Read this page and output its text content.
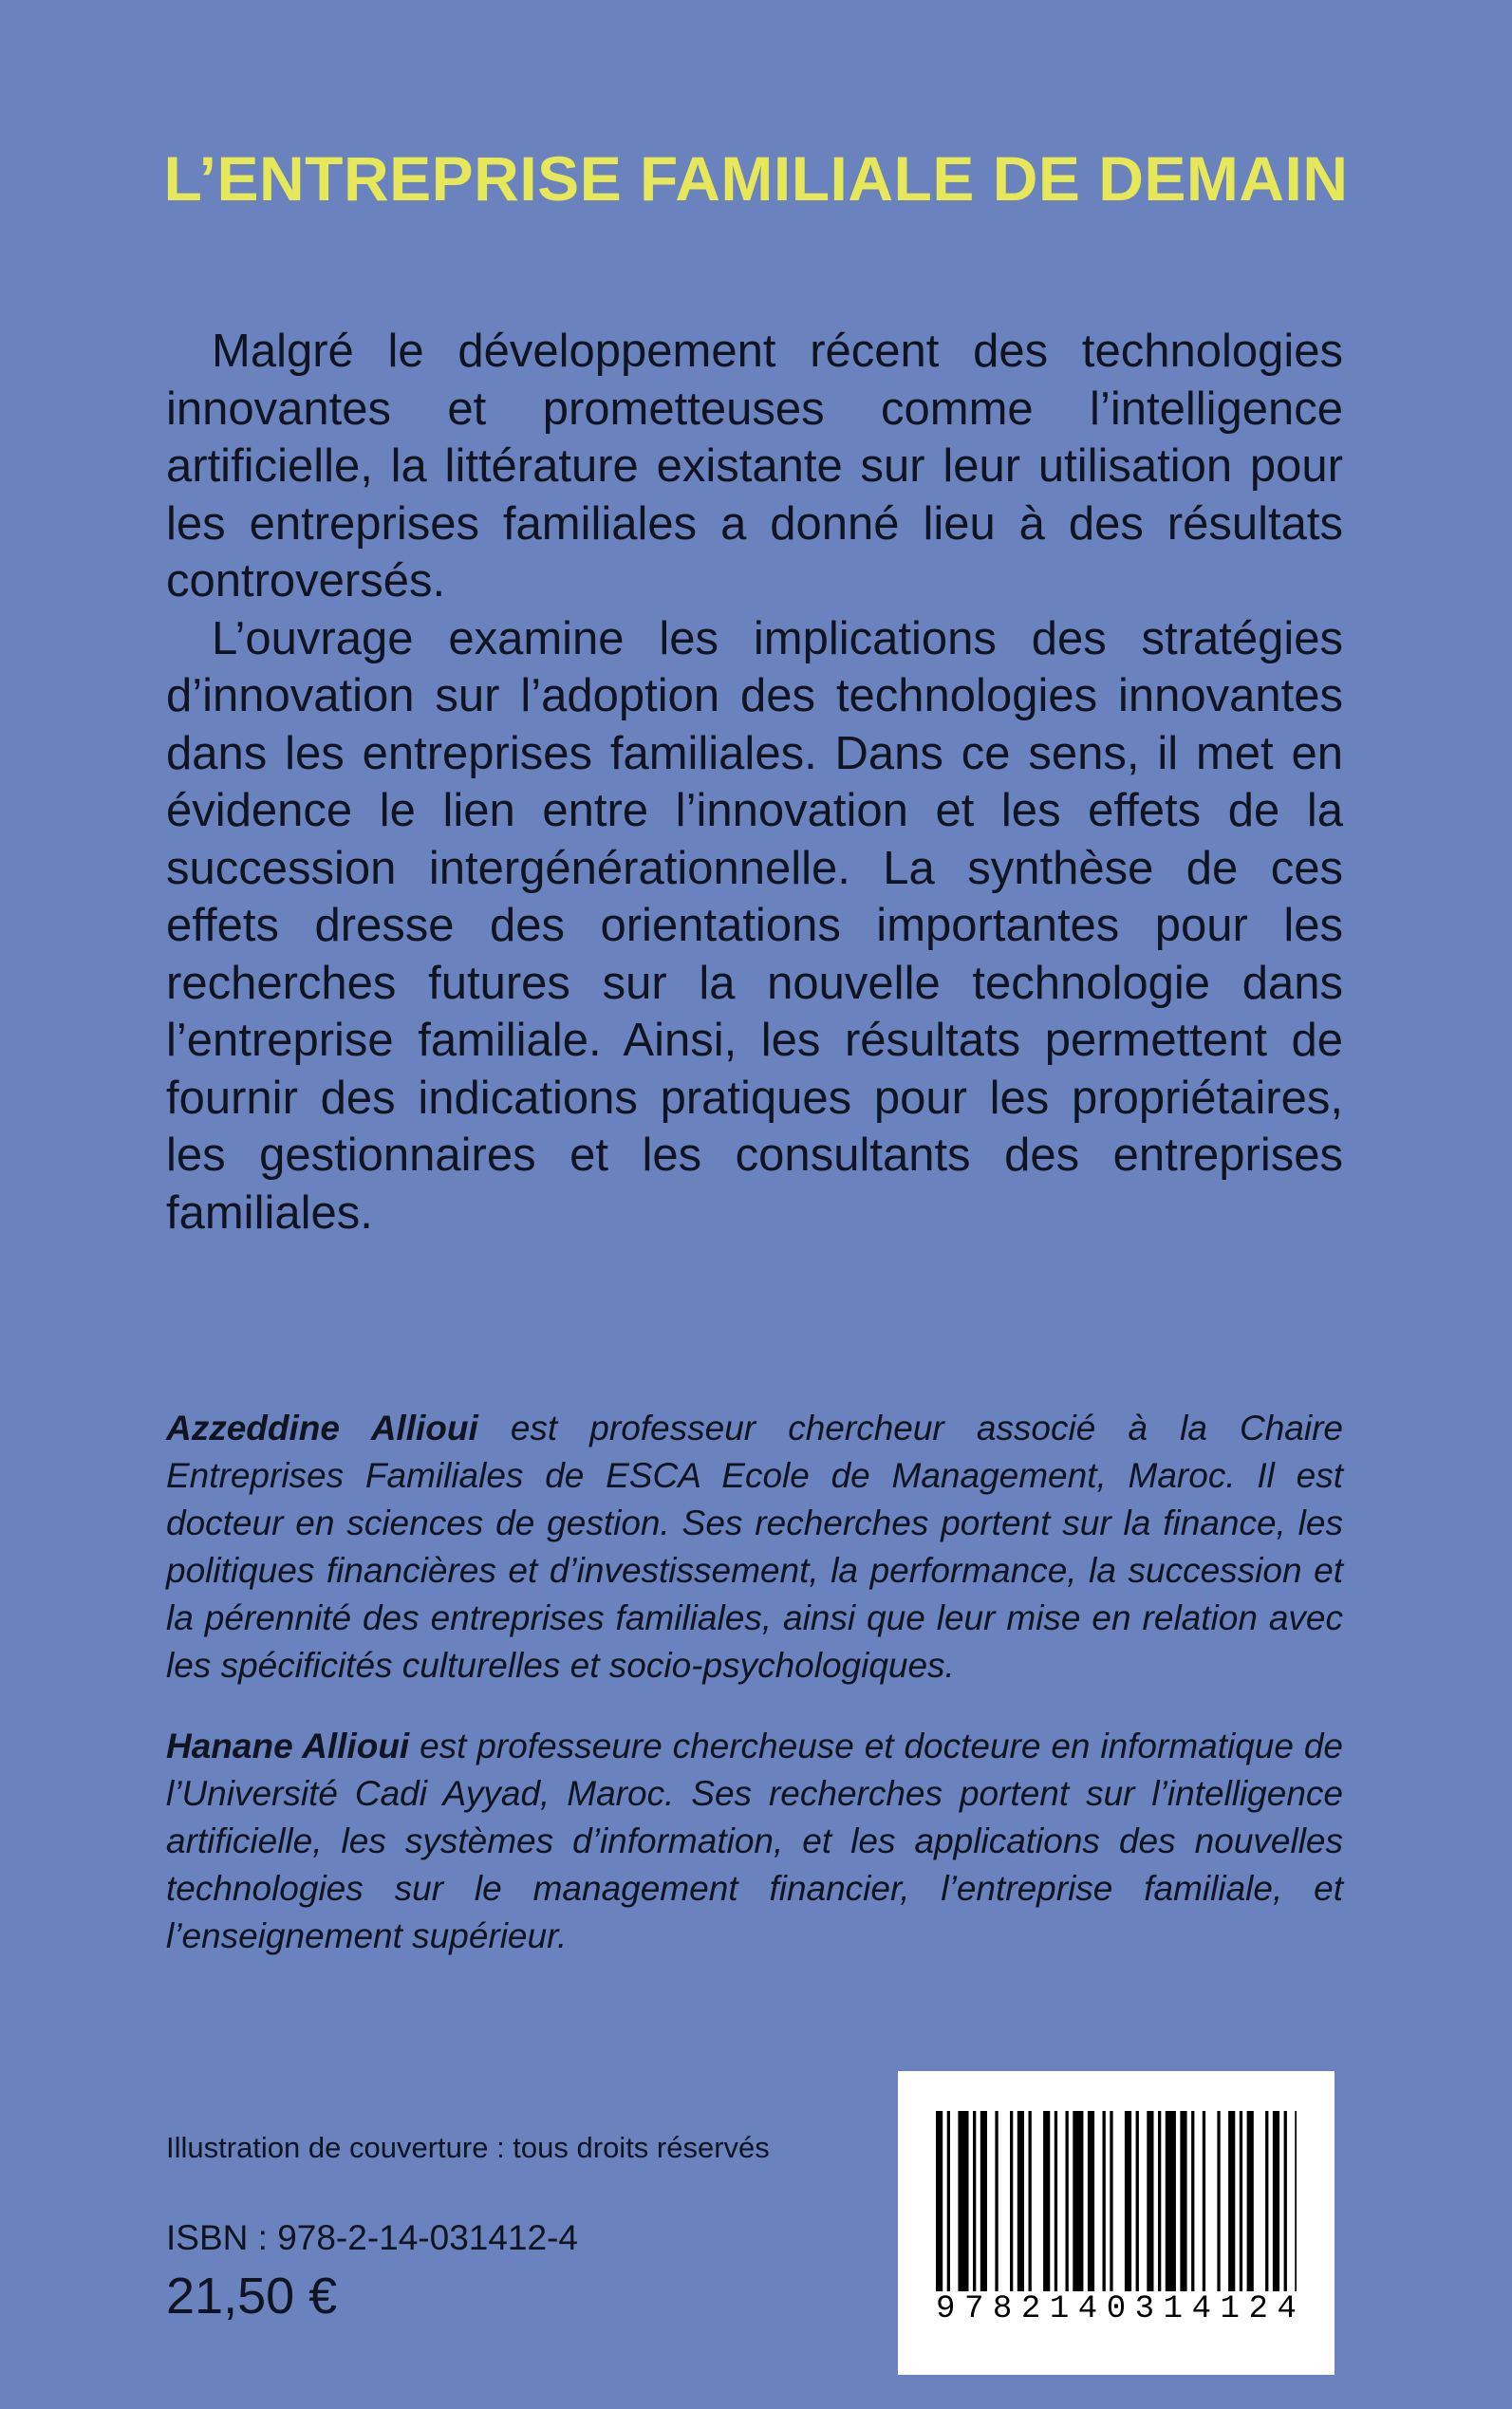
L’ENTREPRISE FAMILIALE DE DEMAIN

Malgré le développement récent des technologies innovantes et prometteuses comme l’intelligence artificielle, la littérature existante sur leur utilisation pour les entreprises familiales a donné lieu à des résultats controversés.

L’ouvrage examine les implications des stratégies d’innovation sur l’adoption des technologies innovantes dans les entreprises familiales. Dans ce sens, il met en évidence le lien entre l’innovation et les effets de la succession intergénérationnelle. La synthèse de ces effets dresse des orientations importantes pour les recherches futures sur la nouvelle technologie dans l’entreprise familiale. Ainsi, les résultats permettent de fournir des indications pratiques pour les propriétaires, les gestionnaires et les consultants des entreprises familiales.

Azzeddine Allioui est professeur chercheur associé à la Chaire Entreprises Familiales de ESCA Ecole de Management, Maroc. Il est docteur en sciences de gestion. Ses recherches portent sur la finance, les politiques financières et d’investissement, la performance, la succession et la pérennité des entreprises familiales, ainsi que leur mise en relation avec les spécificités culturelles et socio-psychologiques.

Hanane Allioui est professeure chercheuse et docteure en informatique de l’Université Cadi Ayyad, Maroc. Ses recherches portent sur l’intelligence artificielle, les systèmes d’information, et les applications des nouvelles technologies sur le management financier, l’entreprise familiale, et l’enseignement supérieur.

Illustration de couverture : tous droits réservés
ISBN : 978-2-14-031412-4
21,50 €	9 7 8 2 1 4 0 3 1 4 1 2 4
